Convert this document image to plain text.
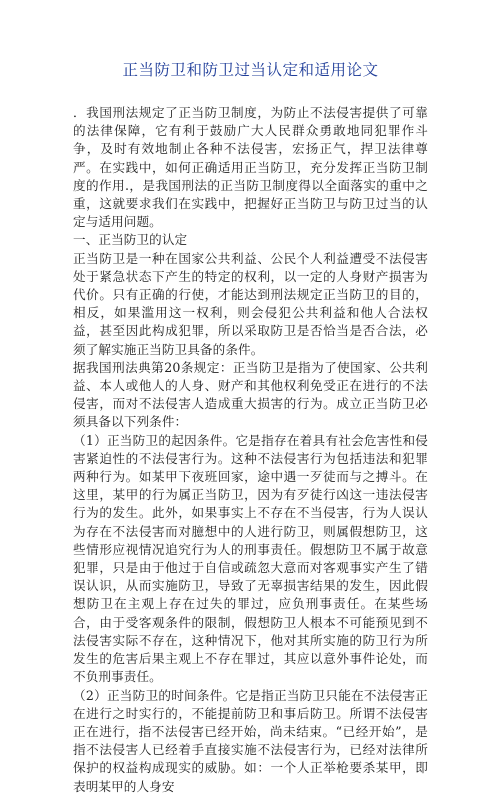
正当防卫和防卫过当认定和适用论文

．我国刑法规定了正当防卫制度，为防止不法侵害提供了可靠的法律保障，它有利于鼓励广大人民群众勇敢地同犯罪作斗争，及时有效地制止各种不法侵害，宏扬正气，捍卫法律尊严。在实践中，如何正确适用正当防卫，充分发挥正当防卫制度的作用.，是我国刑法的正当防卫制度得以全面落实的重中之重，这就要求我们在实践中，把握好正当防卫与防卫过当的认定与适用问题。

一、正当防卫的认定

正当防卫是一种在国家公共利益、公民个人利益遭受不法侵害处于紧急状态下产生的特定的权利，以一定的人身财产损害为代价。只有正确的行使，才能达到刑法规定正当防卫的目的，相反，如果滥用这一权利，则会侵犯公共利益和他人合法权益，甚至因此构成犯罪，所以采取防卫是否恰当是否合法，必须了解实施正当防卫具备的条件。

据我国刑法典第20条规定：正当防卫是指为了使国家、公共利益、本人或他人的人身、财产和其他权利免受正在进行的不法侵害，而对不法侵害人造成重大损害的行为。成立正当防卫必须具备以下列条件：

（1）正当防卫的起因条件。它是指存在着具有社会危害性和侵害紧迫性的不法侵害行为。这种不法侵害行为包括违法和犯罪两种行为。如某甲下夜班回家，途中遇一歹徒而与之搏斗。在这里，某甲的行为属正当防卫，因为有歹徒行凶这一违法侵害行为的发生。此外，如果事实上不存在不当侵害，行为人误认为存在不法侵害而对臆想中的人进行防卫，则属假想防卫，这些情形应视情况追究行为人的刑事责任。假想防卫不属于故意犯罪，只是由于他过于自信或疏忽大意而对客观事实产生了错误认识，从而实施防卫，导致了无辜损害结果的发生，因此假想防卫在主观上存在过失的罪过，应负刑事责任。在某些场合，由于受客观条件的限制，假想防卫人根本不可能预见到不法侵害实际不存在，这种情况下，他对其所实施的防卫行为所发生的危害后果主观上不存在罪过，其应以意外事件论处，而不负刑事责任。

（2）正当防卫的时间条件。它是指正当防卫只能在不法侵害正在进行之时实行的，不能提前防卫和事后防卫。所谓不法侵害正在进行，指不法侵害已经开始，尚未结束。“已经开始”，是指不法侵害人已经着手直接实施不法侵害行为，已经对法律所保护的权益构成现实的威胁。如：一个人正举枪要杀某甲，即表明某甲的人身安
